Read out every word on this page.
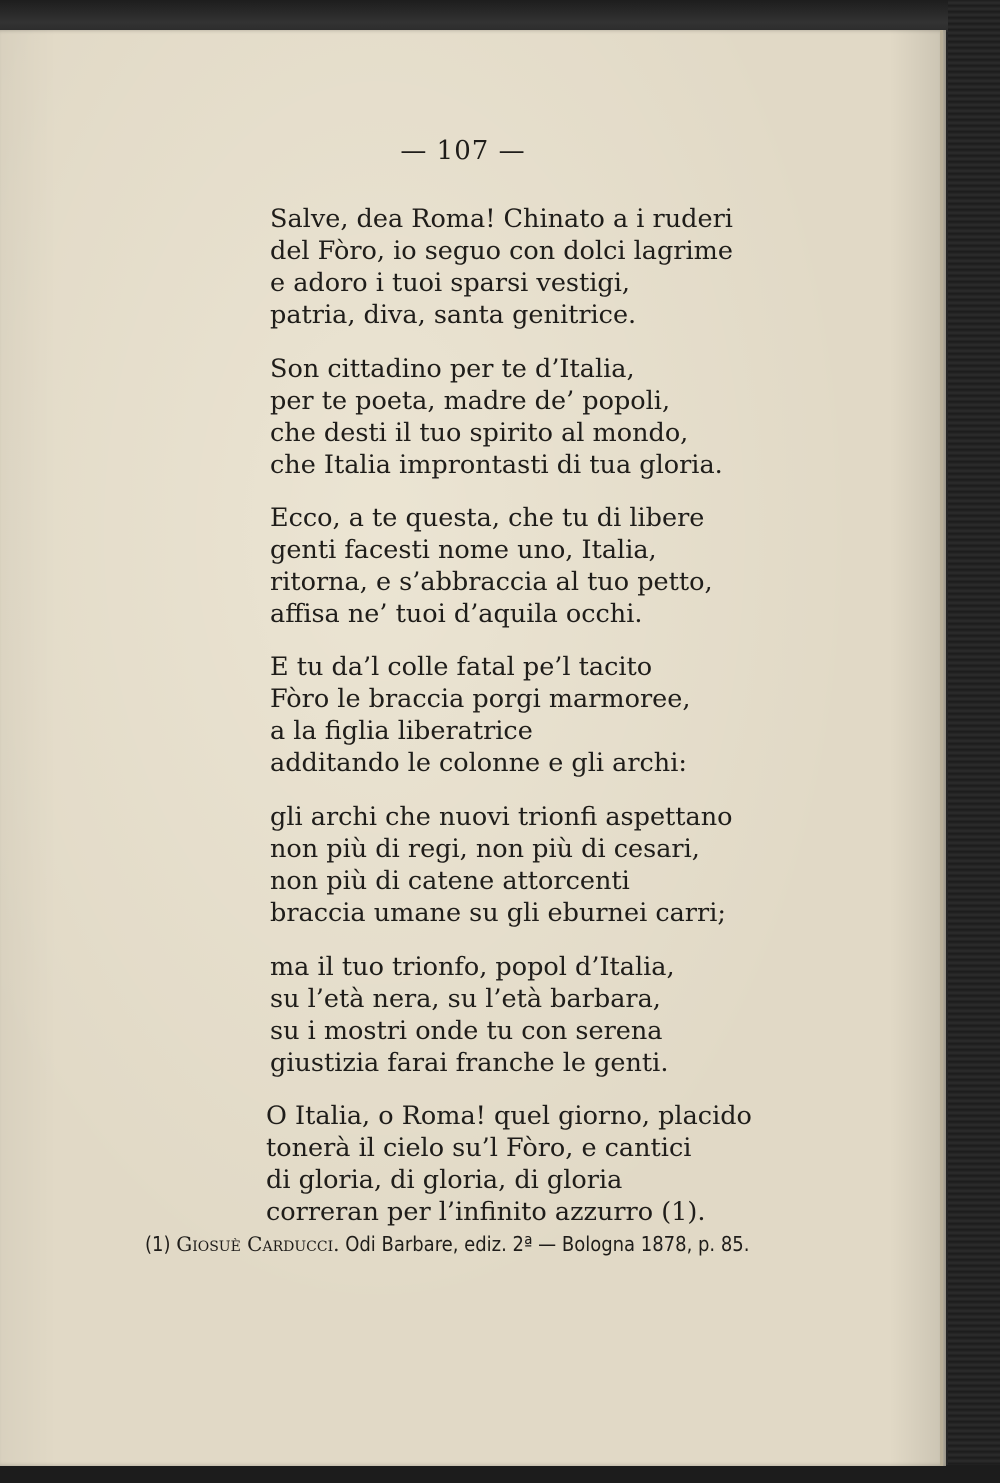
— 107 —
Salve, dea Roma! Chinato a i ruderi
del Fòro, io seguo con dolci lagrime
e adoro i tuoi sparsi vestigi,
patria, diva, santa genitrice.
Son cittadino per te d’Italia,
per te poeta, madre de’ popoli,
che desti il tuo spirito al mondo,
che Italia improntasti di tua gloria.
Ecco, a te questa, che tu di libere
genti facesti nome uno, Italia,
ritorna, e s’abbraccia al tuo petto,
affisa ne’ tuoi d’aquila occhi.
E tu da’l colle fatal pe’l tacito
Fòro le braccia porgi marmoree,
a la figlia liberatrice
additando le colonne e gli archi:
gli archi che nuovi trionfi aspettano
non più di regi, non più di cesari,
non più di catene attorcenti
braccia umane su gli eburnei carri;
ma il tuo trionfo, popol d’Italia,
su l’età nera, su l’età barbara,
su i mostri onde tu con serena
giustizia farai franche le genti.
O Italia, o Roma! quel giorno, placido
tonerà il cielo su’l Fòro, e cantici
di gloria, di gloria, di gloria
correran per l’infinito azzurro (1).
(1) Giosuè Carducci. Odi Barbare, ediz. 2ª — Bologna 1878, p. 85.
